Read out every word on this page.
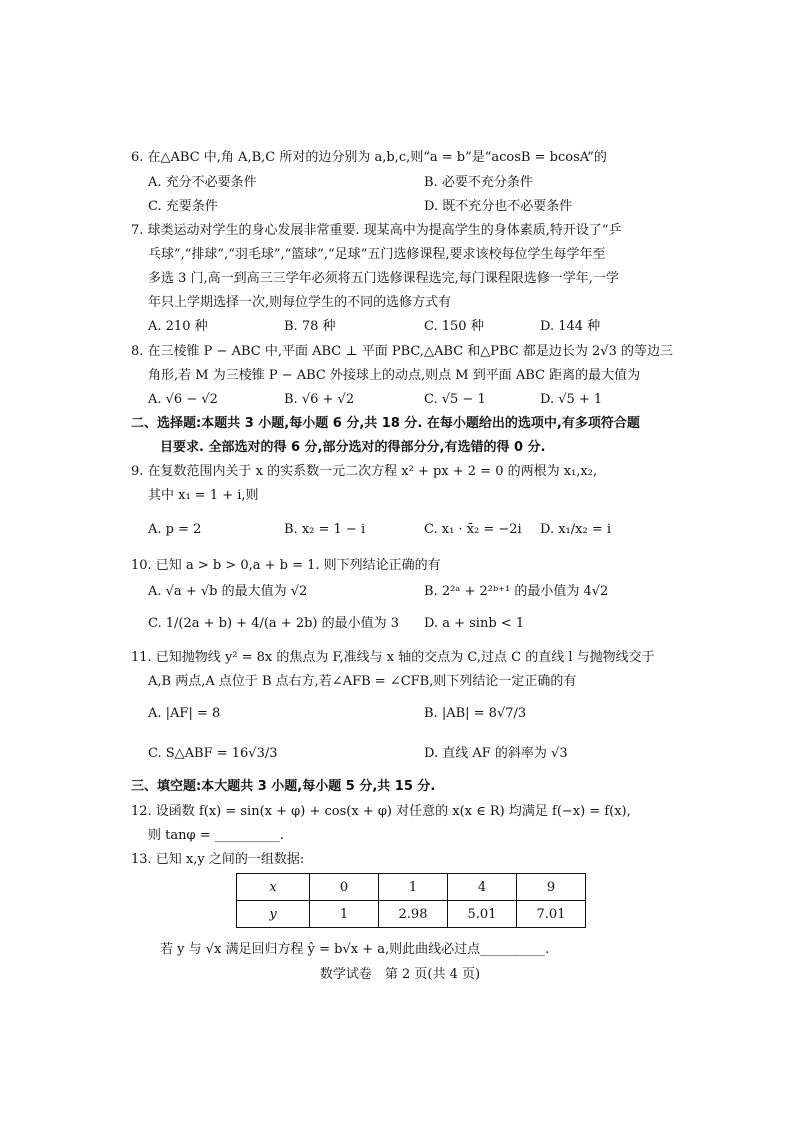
6. 在△ABC 中,角 A,B,C 所对的边分别为 a,b,c,则“a = b”是“acosB = bcosA”的
A. 充分不必要条件	B. 必要不充分条件
C. 充要条件	D. 既不充分也不必要条件
7. 球类运动对学生的身心发展非常重要. 现某高中为提高学生的身体素质,特开设了“乒
乓球”,“排球”,“羽毛球”,“篮球”,“足球”五门选修课程,要求该校每位学生每学年至
多选 3 门,高一到高三三学年必须将五门选修课程选完,每门课程限选修一学年,一学
年只上学期选择一次,则每位学生的不同的选修方式有
A. 210 种	B. 78 种	C. 150 种	D. 144 种
8. 在三棱锥 P − ABC 中,平面 ABC ⊥ 平面 PBC,△ABC 和△PBC 都是边长为 2√3 的等边三
角形,若 M 为三棱锥 P − ABC 外接球上的动点,则点 M 到平面 ABC 距离的最大值为
A. √6 − √2	B. √6 + √2	C. √5 − 1	D. √5 + 1
二、选择题:本题共 3 小题,每小题 6 分,共 18 分. 在每小题给出的选项中,有多项符合题
目要求. 全部选对的得 6 分,部分选对的得部分分,有选错的得 0 分.
9. 在复数范围内关于 x 的实系数一元二次方程 x² + px + 2 = 0 的两根为 x₁,x₂,
其中 x₁ = 1 + i,则
A. p = 2	B. x₂ = 1 − i	C. x₁ · x̄₂ = −2i D. x₁/x₂ = i
10. 已知 a > b > 0,a + b = 1. 则下列结论正确的有
A. √a + √b 的最大值为 √2	B. 2²ᵃ + 2²ᵇ⁺¹ 的最小值为 4√2
C. 1/(2a + b) + 4/(a + 2b) 的最小值为 3 D. a + sinb < 1
11. 已知抛物线 y² = 8x 的焦点为 F,准线与 x 轴的交点为 C,过点 C 的直线 l 与抛物线交于
A,B 两点,A 点位于 B 点右方,若∠AFB = ∠CFB,则下列结论一定正确的有
A. |AF| = 8	B. |AB| = 8√7/3
C. S△ABF = 16√3/3	D. 直线 AF 的斜率为 √3
三、填空题:本大题共 3 小题,每小题 5 分,共 15 分.
12. 设函数 f(x) = sin(x + φ) + cos(x + φ) 对任意的 x(x ∈ R) 均满足 f(−x) = f(x),
则 tanφ = __________.
13. 已知 x,y 之间的一组数据:
x	0	1	4	9
y	1	2.98	5.01	7.01
若 y 与 √x 满足回归方程 ŷ = b√x + a,则此曲线必过点__________.
数学试卷　第 2 页(共 4 页)
